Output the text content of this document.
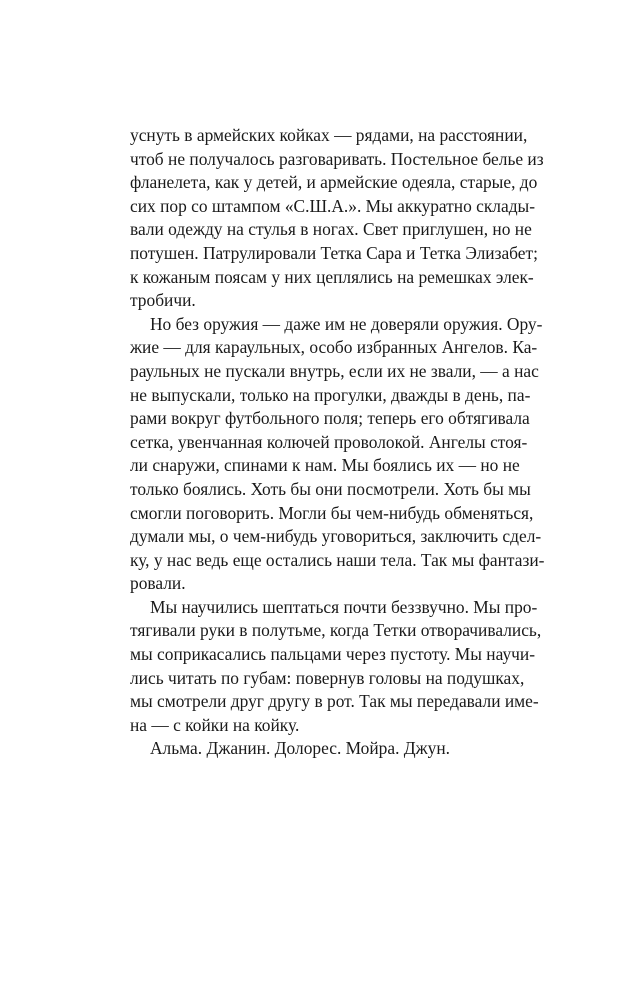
уснуть в армейских койках — рядами, на расстоянии,
чтоб не получалось разговаривать. Постельное белье из
фланелета, как у детей, и армейские одеяла, старые, до
сих пор со штампом «С.Ш.А.». Мы аккуратно склады-
вали одежду на стулья в ногах. Свет приглушен, но не
потушен. Патрулировали Тетка Сара и Тетка Элизабет;
к кожаным поясам у них цеплялись на ремешках элек-
тробичи.
Но без оружия — даже им не доверяли оружия. Ору-
жие — для караульных, особо избранных Ангелов. Ка-
раульных не пускали внутрь, если их не звали, — а нас
не выпускали, только на прогулки, дважды в день, па-
рами вокруг футбольного поля; теперь его обтягивала
сетка, увенчанная колючей проволокой. Ангелы стоя-
ли снаружи, спинами к нам. Мы боялись их — но не
только боялись. Хоть бы они посмотрели. Хоть бы мы
смогли поговорить. Могли бы чем-нибудь обменяться,
думали мы, о чем-нибудь уговориться, заключить сдел-
ку, у нас ведь еще остались наши тела. Так мы фантази-
ровали.
Мы научились шептаться почти беззвучно. Мы про-
тягивали руки в полутьме, когда Тетки отворачивались,
мы соприкасались пальцами через пустоту. Мы научи-
лись читать по губам: повернув головы на подушках,
мы смотрели друг другу в рот. Так мы передавали име-
на — с койки на койку.
Альма. Джанин. Долорес. Мойра. Джун.
